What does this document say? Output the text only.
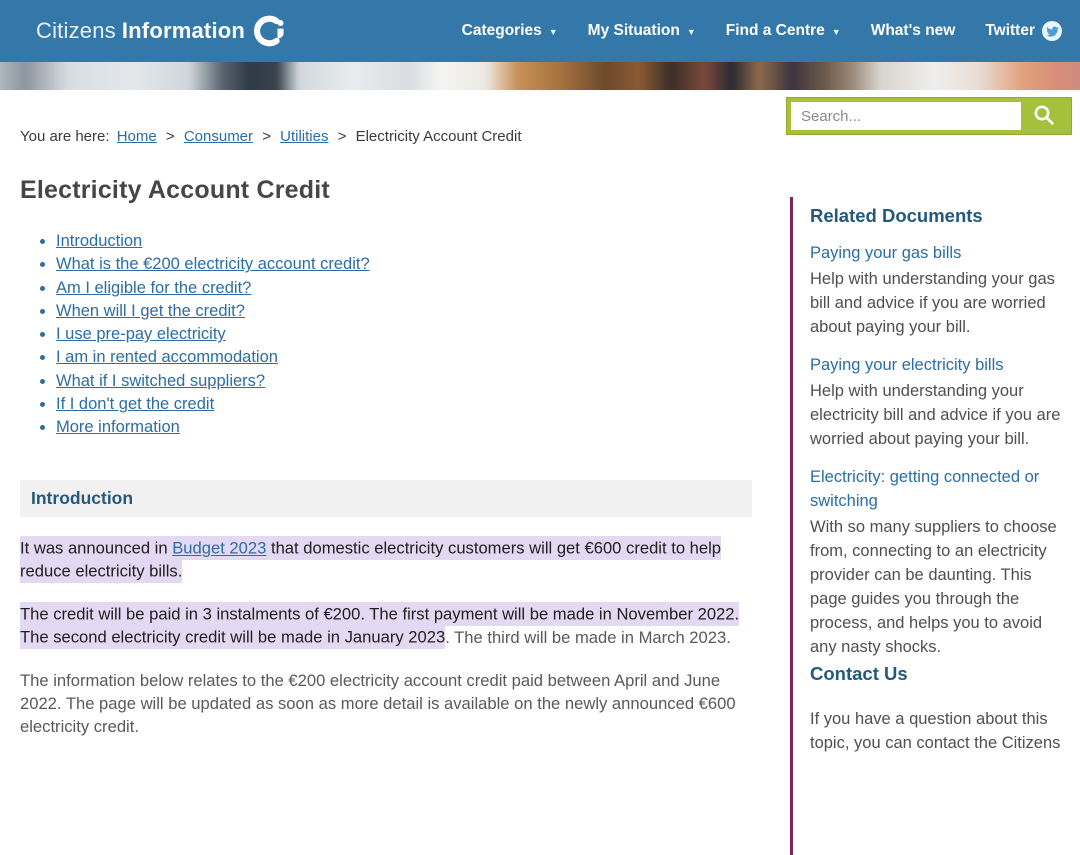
Citizens Information	Categories ▼	My Situation ▼	Find a Centre ▼	What's new Twitter
Search...
You are here: Home > Consumer > Utilities > Electricity Account Credit
Electricity Account Credit
• Introduction
• What is the €200 electricity account credit?
• Am I eligible for the credit?
• When will I get the credit?
• I use pre-pay electricity
• I am in rented accommodation
• What if I switched suppliers?
• If I don't get the credit
• More information
Introduction

It was announced in Budget 2023 that domestic electricity customers will get €600 credit to help reduce electricity bills.

The credit will be paid in 3 instalments of €200. The first payment will be made in November 2022. The second electricity credit will be made in January 2023. The third will be made in March 2023.

The information below relates to the €200 electricity account credit paid between April and June 2022. The page will be updated as soon as more detail is available on the newly announced €600 electricity credit.

Related Documents
Paying your gas bills

Help with understanding your gas bill and advice if you are worried about paying your bill.

Paying your electricity bills

Help with understanding your electricity bill and advice if you are worried about paying your bill.

Electricity: getting connected or switching

With so many suppliers to choose from, connecting to an electricity provider can be daunting. This page guides you through the process, and helps you to avoid any nasty shocks.

Contact Us

If you have a question about this topic, you can contact the Citizens
